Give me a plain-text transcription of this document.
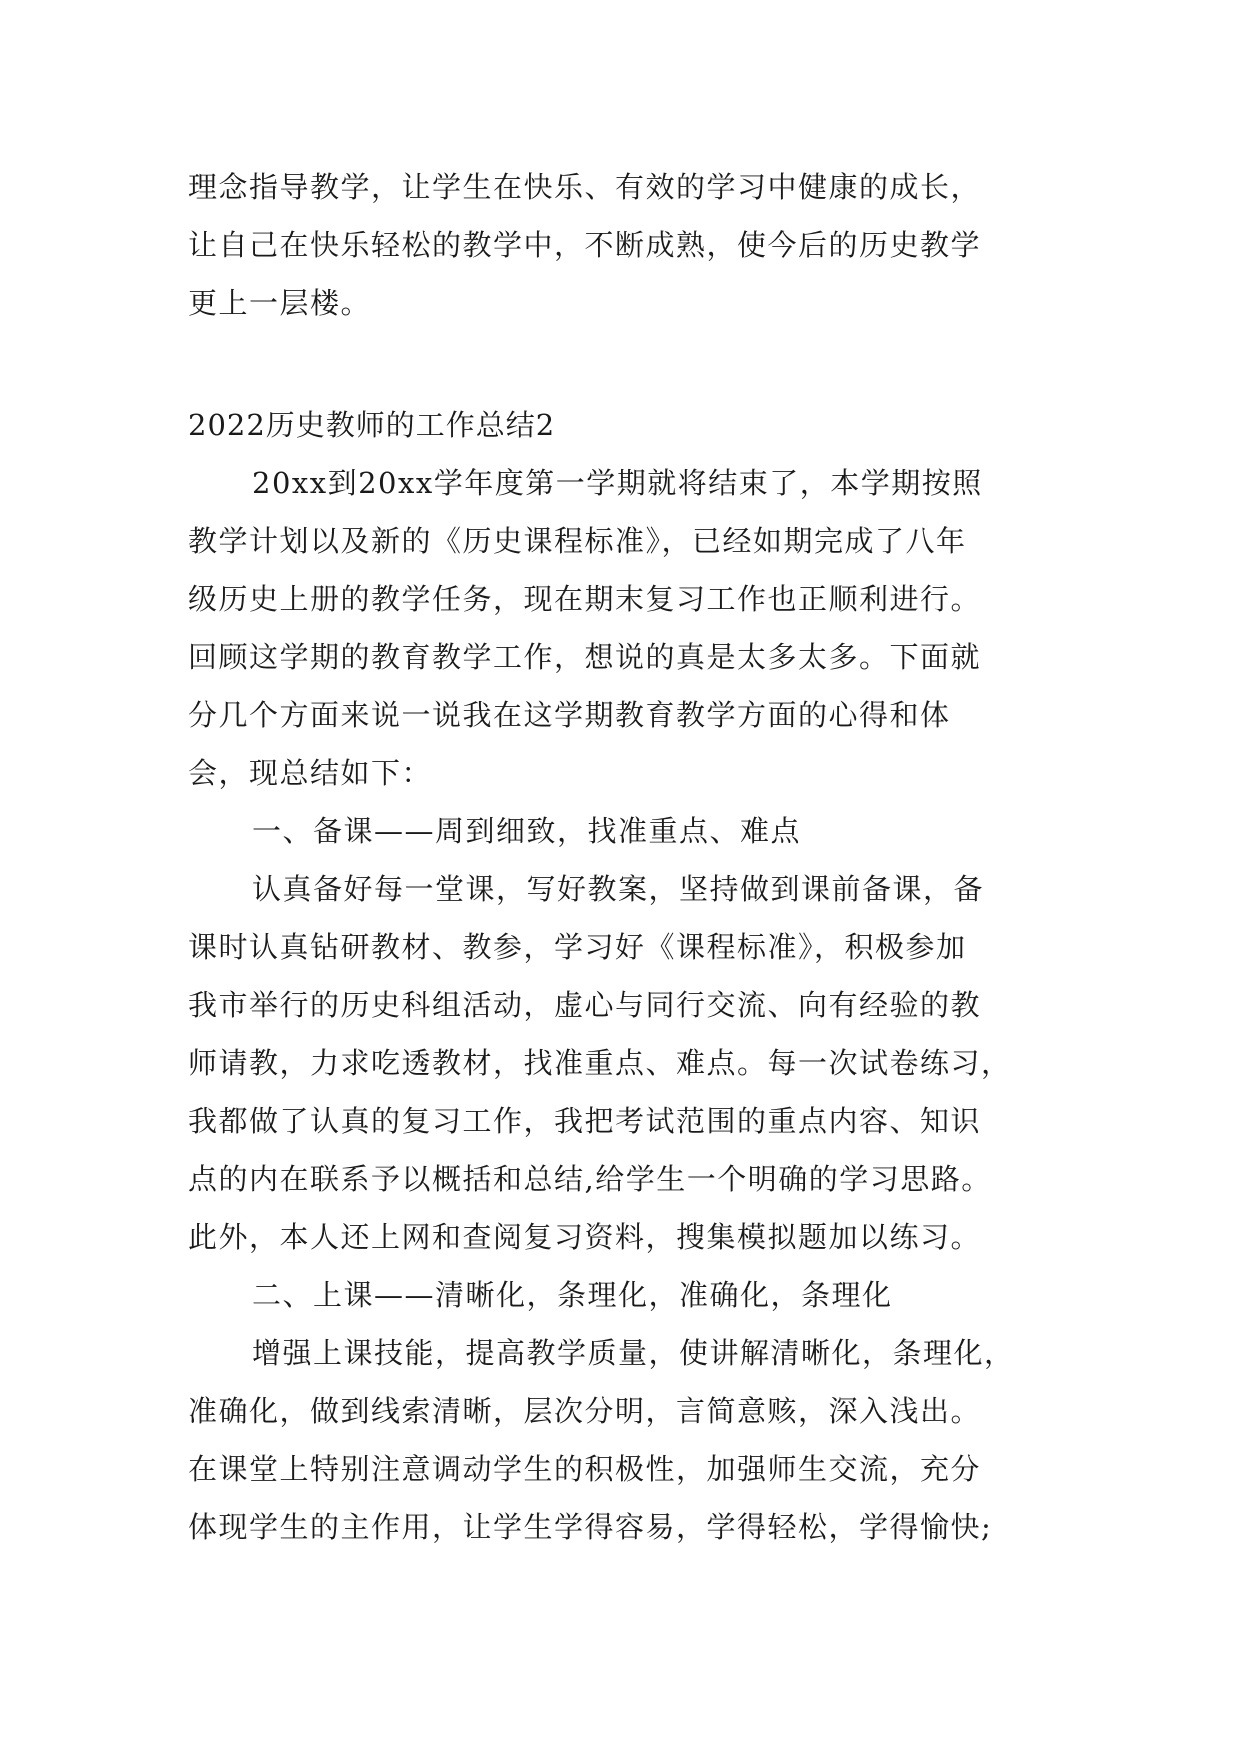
理念指导教学，让学生在快乐、有效的学习中健康的成长，
让自己在快乐轻松的教学中，不断成熟，使今后的历史教学
更上一层楼。
2022历史教师的工作总结2
20xx到20xx学年度第一学期就将结束了，本学期按照
教学计划以及新的《历史课程标准》，已经如期完成了八年
级历史上册的教学任务，现在期末复习工作也正顺利进行。
回顾这学期的教育教学工作，想说的真是太多太多。下面就
分几个方面来说一说我在这学期教育教学方面的心得和体
会，现总结如下：
一、备课——周到细致，找准重点、难点
认真备好每一堂课，写好教案，坚持做到课前备课，备
课时认真钻研教材、教参，学习好《课程标准》，积极参加
我市举行的历史科组活动，虚心与同行交流、向有经验的教
师请教，力求吃透教材，找准重点、难点。每一次试卷练习，
我都做了认真的复习工作，我把考试范围的重点内容、知识
点的内在联系予以概括和总结,给学生一个明确的学习思路。
此外，本人还上网和查阅复习资料，搜集模拟题加以练习。
二、上课——清晰化，条理化，准确化，条理化
增强上课技能，提高教学质量，使讲解清晰化，条理化，
准确化，做到线索清晰，层次分明，言简意赅，深入浅出。
在课堂上特别注意调动学生的积极性，加强师生交流，充分
体现学生的主作用，让学生学得容易，学得轻松，学得愉快;
